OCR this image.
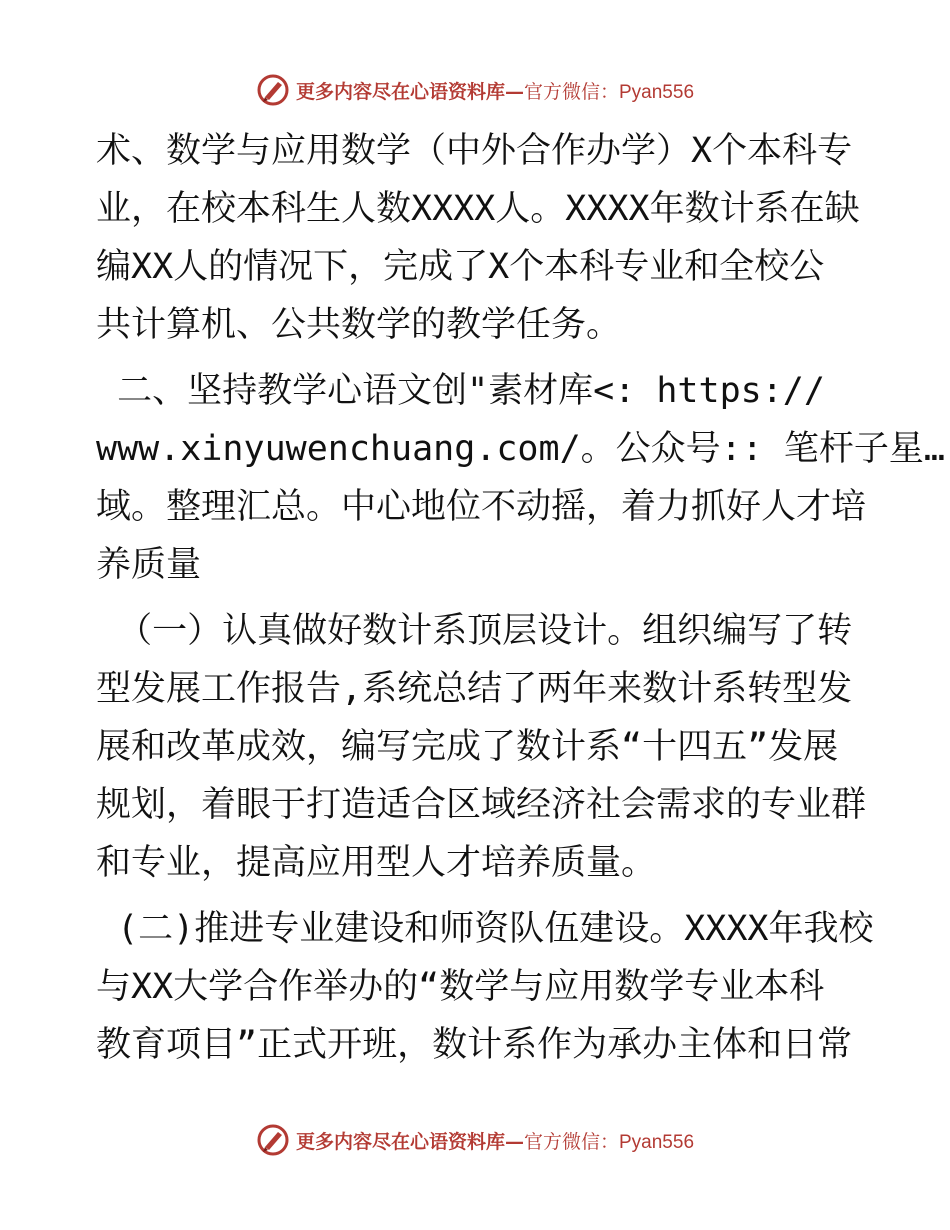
更多内容尽在心语资料库—官方微信：Pyan556
术、数学与应用数学（中外合作办学）X个本科专
业，在校本科生人数XXXX人。XXXX年数计系在缺
编XX人的情况下，完成了X个本科专业和全校公
共计算机、公共数学的教学任务。
二、坚持教学心语文创"素材库<: https://
www.xinyuwenchuang.com/。公众号:: 笔杆子星…
域。整理汇总。中心地位不动摇，着力抓好人才培
养质量
（一）认真做好数计系顶层设计。组织编写了转
型发展工作报告,系统总结了两年来数计系转型发
展和改革成效，编写完成了数计系“十四五”发展
规划，着眼于打造适合区域经济社会需求的专业群
和专业，提高应用型人才培养质量。
(二)推进专业建设和师资队伍建设。XXXX年我校
与XX大学合作举办的“数学与应用数学专业本科
教育项目”正式开班，数计系作为承办主体和日常
更多内容尽在心语资料库—官方微信：Pyan556
